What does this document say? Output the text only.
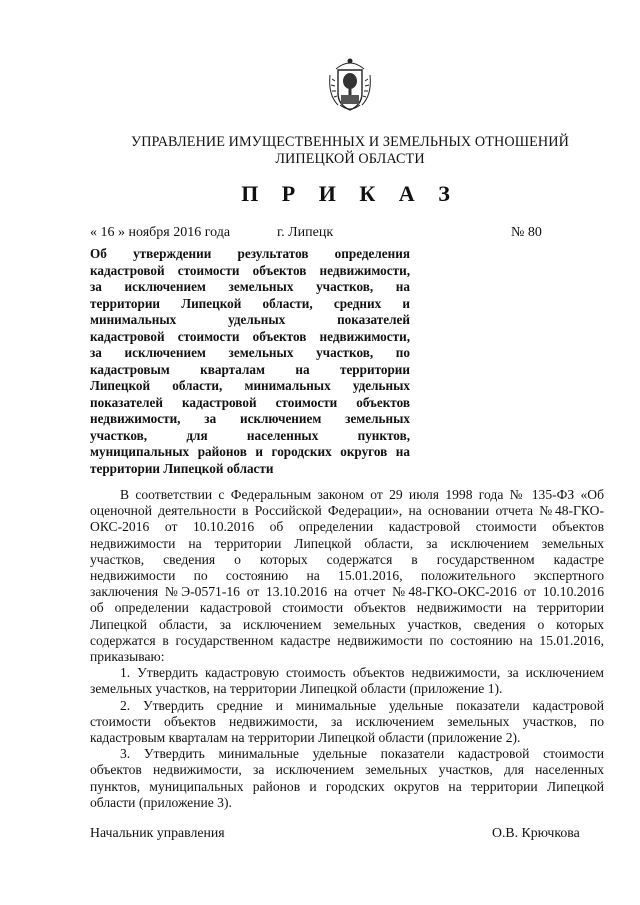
УПРАВЛЕНИЕ ИМУЩЕСТВЕННЫХ И ЗЕМЕЛЬНЫХ ОТНОШЕНИЙ
ЛИПЕЦКОЙ ОБЛАСТИ
П Р И К А З
« 16 » ноября 2016 года	г. Липецк	№ 80
Об утверждении результатов определения
кадастровой стоимости объектов недвижимости,
за исключением земельных участков, на
территории Липецкой области, средних и
минимальных удельных показателей
кадастровой стоимости объектов недвижимости,
за исключением земельных участков, по
кадастровым кварталам на территории
Липецкой области, минимальных удельных
показателей кадастровой стоимости объектов
недвижимости, за исключением земельных
участков, для населенных пунктов,
муниципальных районов и городских округов на
территории Липецкой области
В соответствии с Федеральным законом от 29 июля 1998 года № 135-ФЗ «Об
оценочной деятельности в Российской Федерации», на основании отчета №48-ГКО-
ОКС-2016 от 10.10.2016 об определении кадастровой стоимости объектов
недвижимости на территории Липецкой области, за исключением земельных
участков, сведения о которых содержатся в государственном кадастре
недвижимости по состоянию на 15.01.2016, положительного экспертного
заключения №Э-0571-16 от 13.10.2016 на отчет №48-ГКО-ОКС-2016 от 10.10.2016
об определении кадастровой стоимости объектов недвижимости на территории
Липецкой области, за исключением земельных участков, сведения о которых
содержатся в государственном кадастре недвижимости по состоянию на 15.01.2016,
приказываю:
1. Утвердить кадастровую стоимость объектов недвижимости, за исключением
земельных участков, на территории Липецкой области (приложение 1).
2. Утвердить средние и минимальные удельные показатели кадастровой
стоимости объектов недвижимости, за исключением земельных участков, по
кадастровым кварталам на территории Липецкой области (приложение 2).
3. Утвердить минимальные удельные показатели кадастровой стоимости
объектов недвижимости, за исключением земельных участков, для населенных
пунктов, муниципальных районов и городских округов на территории Липецкой
области (приложение 3).
Начальник управления	О.В. Крючкова
